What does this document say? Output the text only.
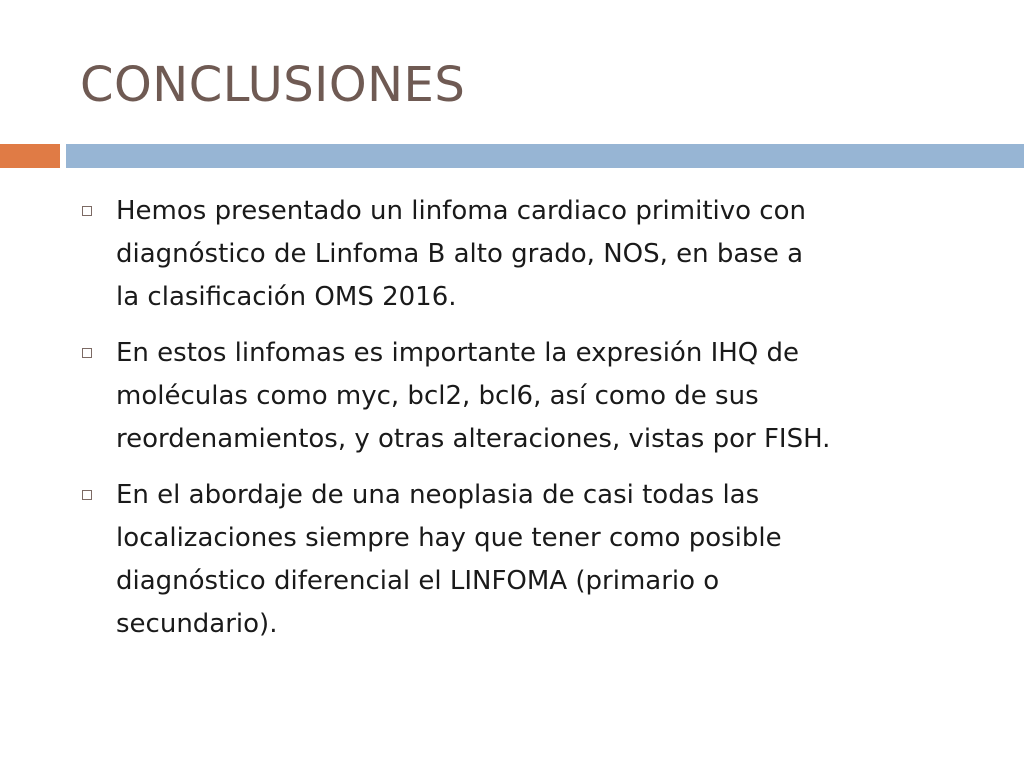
CONCLUSIONES
Hemos presentado un linfoma cardiaco primitivo con
diagnóstico de Linfoma B alto grado, NOS, en base a
la clasificación OMS 2016.
En estos linfomas es importante la expresión IHQ de
moléculas como myc, bcl2, bcl6, así como de sus
reordenamientos, y otras alteraciones, vistas por FISH.
En el abordaje de una neoplasia de casi todas las
localizaciones siempre hay que tener como posible
diagnóstico diferencial el LINFOMA (primario o
secundario).
